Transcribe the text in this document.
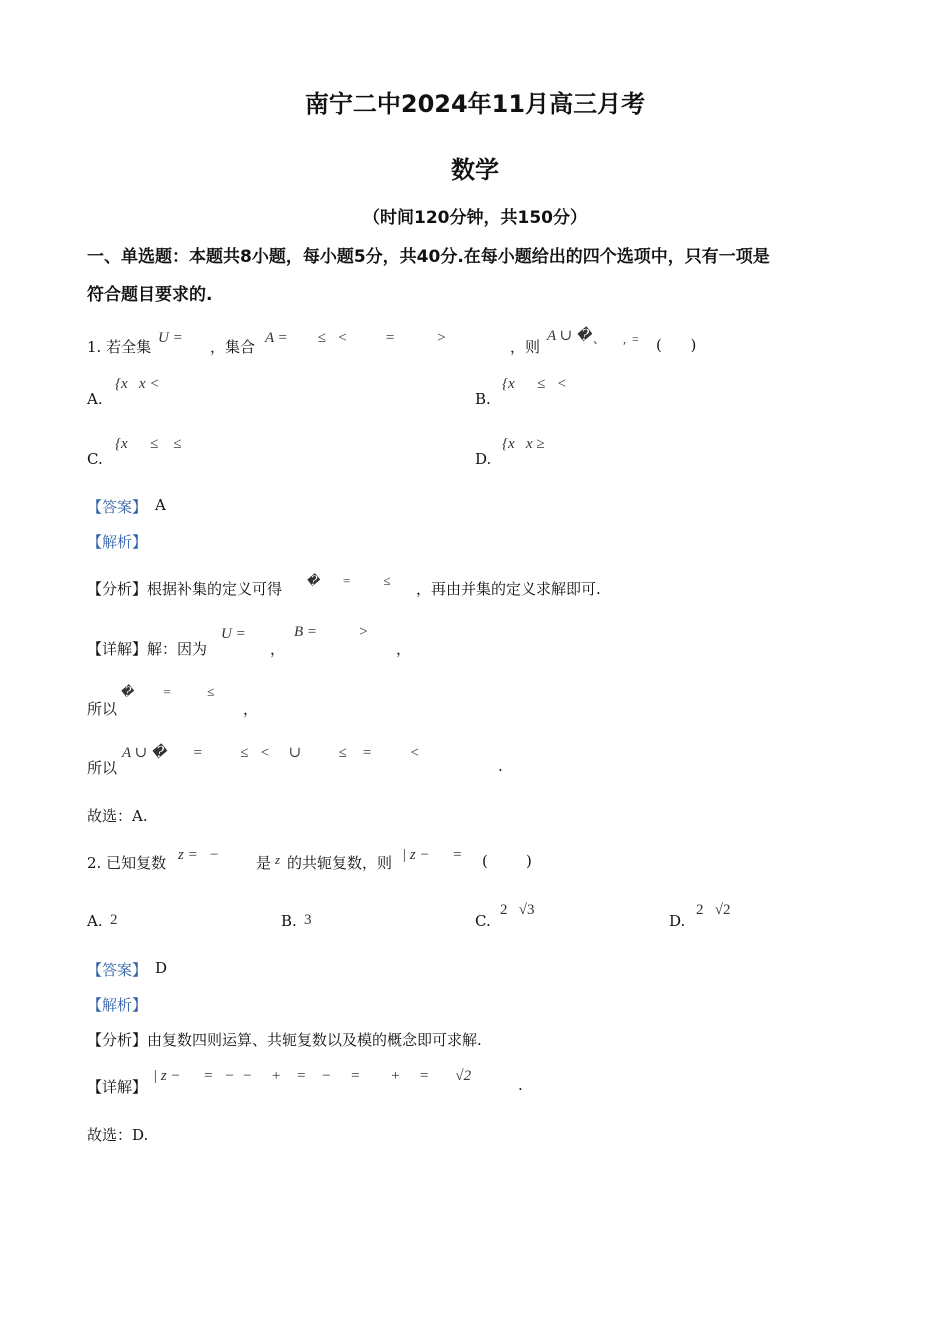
南宁二中2024年11月高三月考
数学
（时间120分钟，共150分）
一、单选题：本题共8小题，每小题5分，共40分.在每小题给出的四个选项中，只有一项是
符合题目要求的.
1. 若全集 U = ，集合 A =        ≤   <          =           >	，则
A ∪ � 、      ,  = (      )
A.
{x   x <
B.
{x      ≤   <
C.
{x      ≤    ≤
D.
{x   x ≥
【答案】 A
【解析】
【分析】根据补集的定义可得 �       =          ≤ ，再由并集的定义求解即可.
【详解】解：因为
U =
，
B =           >
，
所以
�         =           ≤
，
所以
A ∪ �       =          ≤   <     ∪          ≤    =          <
.
故选：A.
2. 已知复数 z =   − 是 z 的共轭复数，则 | z −      = (        )
A. 2	B. 3	C.
2   √3
D.
2   √2
【答案】 D
【解析】
【分析】由复数四则运算、共轭复数以及模的概念即可求解.
【详解】
| z −      =   −  −     +    =    −     =        +     =       √2	.
故选：D.
